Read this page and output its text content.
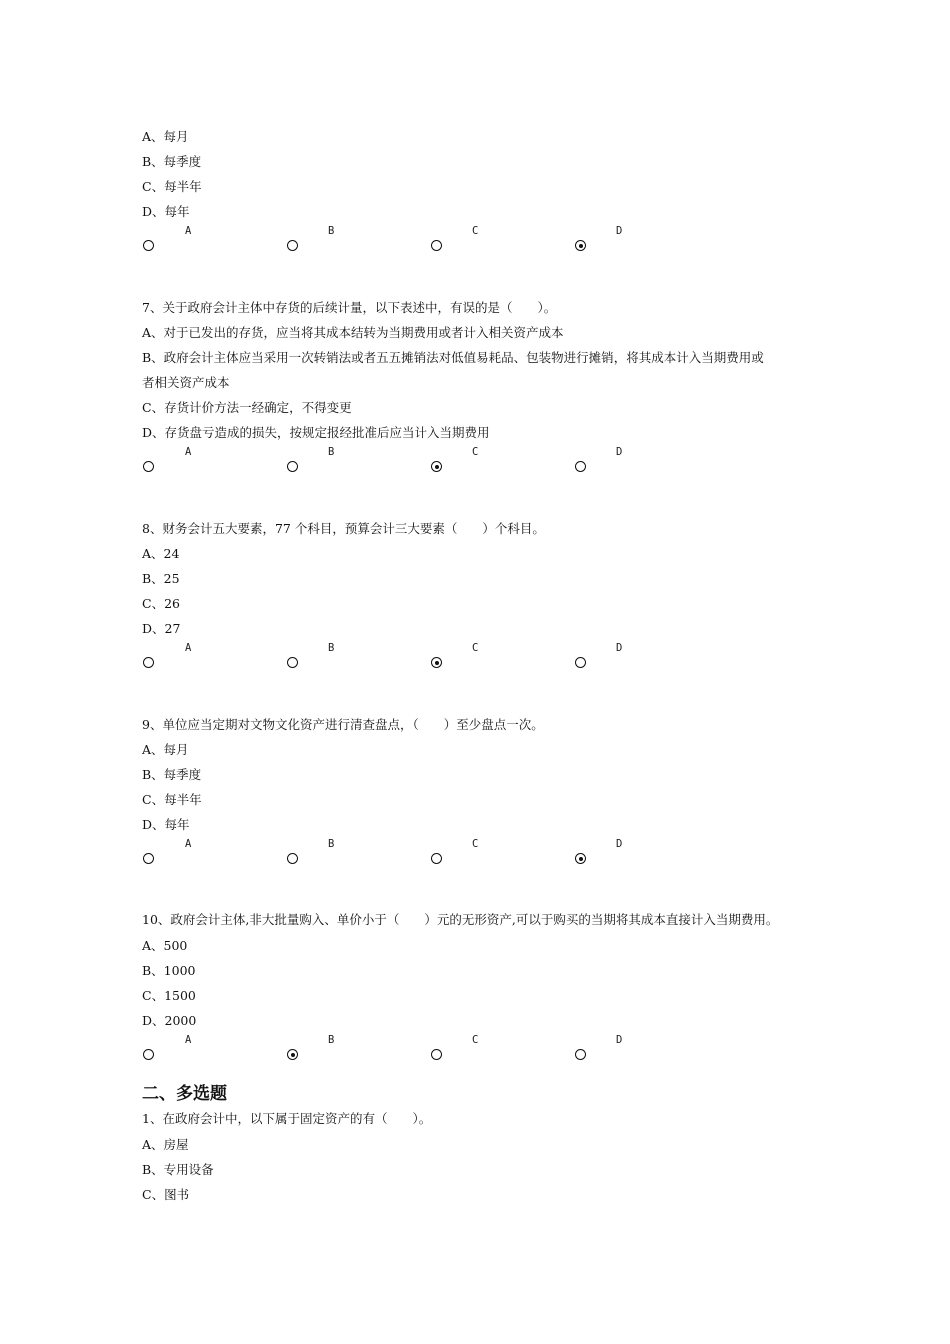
A、每月
B、每季度
C、每半年
D、每年
7、关于政府会计主体中存货的后续计量，以下表述中，有误的是（　　）。
A、对于已发出的存货，应当将其成本结转为当期费用或者计入相关资产成本
B、政府会计主体应当采用一次转销法或者五五摊销法对低值易耗品、包装物进行摊销，将其成本计入当期费用或
者相关资产成本
C、存货计价方法一经确定，不得变更
D、存货盘亏造成的损失，按规定报经批准后应当计入当期费用
8、财务会计五大要素，77 个科目，预算会计三大要素（　　）个科目。
A、24
B、25
C、26
D、27
9、单位应当定期对文物文化资产进行清查盘点，（　　）至少盘点一次。
A、每月
B、每季度
C、每半年
D、每年
10、政府会计主体,非大批量购入、单价小于（　　）元的无形资产,可以于购买的当期将其成本直接计入当期费用。
A、500
B、1000
C、1500
D、2000
二、多选题
1、在政府会计中，以下属于固定资产的有（　　）。
A、房屋
B、专用设备
C、图书
A	B	C	D
A	B	C	D
A	B	C	D
A	B	C	D
A	B	C	D
